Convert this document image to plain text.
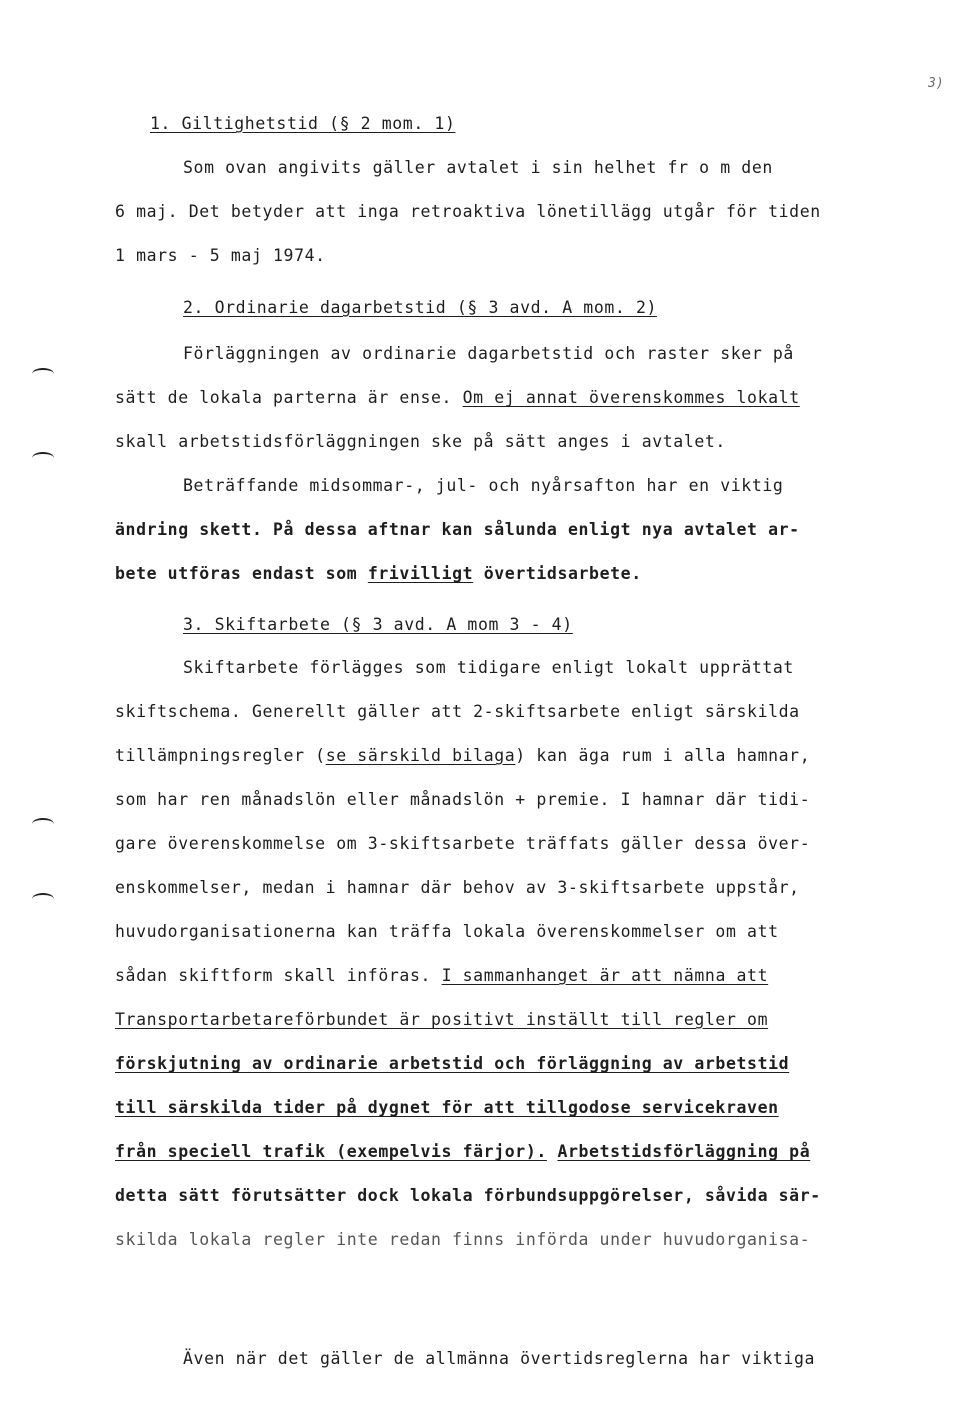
3)
1. Giltighetstid (§ 2 mom. 1)
Som ovan angivits gäller avtalet i sin helhet fr o m den
6 maj. Det betyder att inga retroaktiva lönetillägg utgår för tiden
1 mars - 5 maj 1974.
2. Ordinarie dagarbetstid (§ 3 avd. A mom. 2)
Förläggningen av ordinarie dagarbetstid och raster sker på
sätt de lokala parterna är ense. Om ej annat överenskommes lokalt
skall arbetstidsförläggningen ske på sätt anges i avtalet.
Beträffande midsommar-, jul- och nyårsafton har en viktig
ändring skett. På dessa aftnar kan sålunda enligt nya avtalet ar-
bete utföras endast som frivilligt övertidsarbete.
3. Skiftarbete (§ 3 avd. A mom 3 - 4)
Skiftarbete förlägges som tidigare enligt lokalt upprättat
skiftschema. Generellt gäller att 2-skiftsarbete enligt särskilda
tillämpningsregler (se särskild bilaga) kan äga rum i alla hamnar,
som har ren månadslön eller månadslön + premie. I hamnar där tidi-
gare överenskommelse om 3-skiftsarbete träffats gäller dessa över-
enskommelser, medan i hamnar där behov av 3-skiftsarbete uppstår,
huvudorganisationerna kan träffa lokala överenskommelser om att
sådan skiftform skall införas. I sammanhanget är att nämna att
Transportarbetareförbundet är positivt inställt till regler om
förskjutning av ordinarie arbetstid och förläggning av arbetstid
till särskilda tider på dygnet för att tillgodose servicekraven
från speciell trafik (exempelvis färjor). Arbetstidsförläggning på
detta sätt förutsätter dock lokala förbundsuppgörelser, såvida sär-
skilda lokala regler inte redan finns införda under huvudorganisa-
Även när det gäller de allmänna övertidsreglerna har viktiga
